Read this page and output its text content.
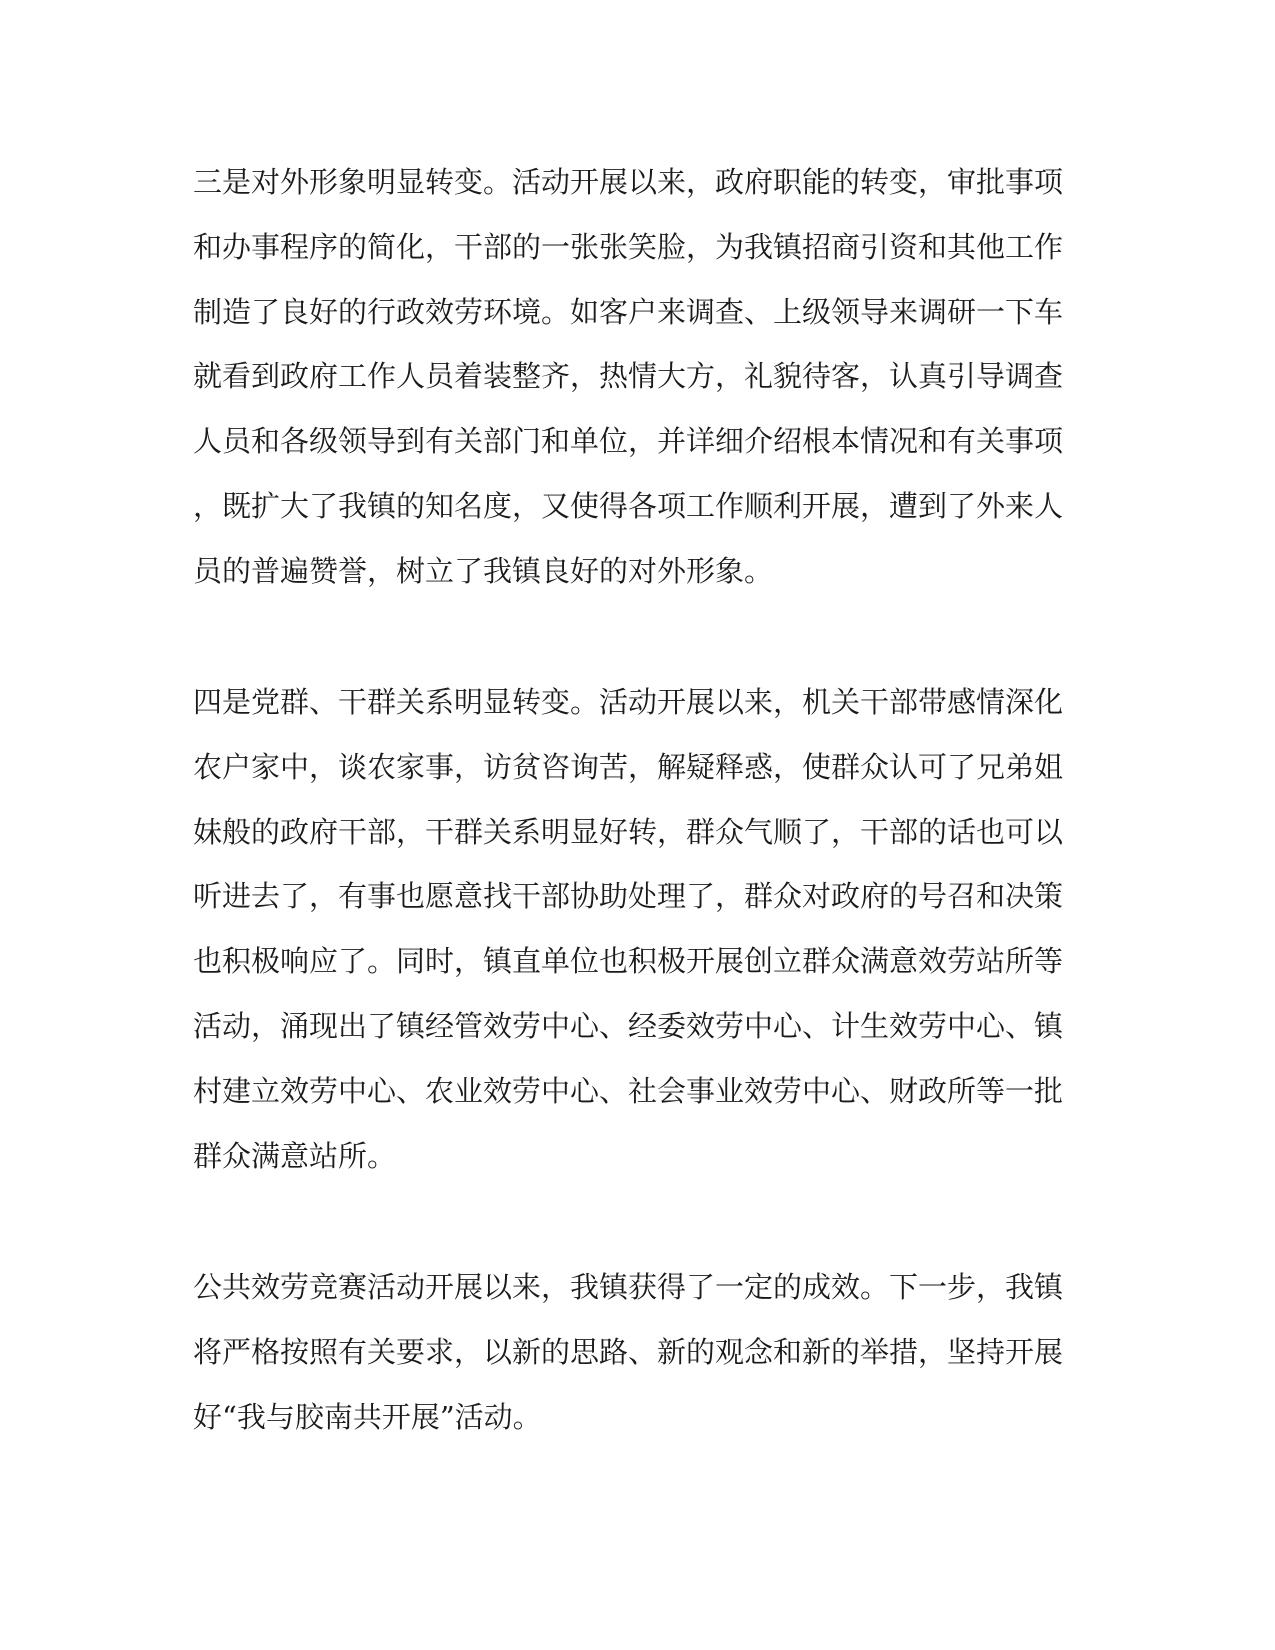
三是对外形象明显转变。活动开展以来，政府职能的转变，审批事项
和办事程序的简化，干部的一张张笑脸，为我镇招商引资和其他工作
制造了良好的行政效劳环境。如客户来调查、上级领导来调研一下车
就看到政府工作人员着装整齐，热情大方，礼貌待客，认真引导调查
人员和各级领导到有关部门和单位，并详细介绍根本情况和有关事项
，既扩大了我镇的知名度，又使得各项工作顺利开展，遭到了外来人
员的普遍赞誉，树立了我镇良好的对外形象。
四是党群、干群关系明显转变。活动开展以来，机关干部带感情深化
农户家中，谈农家事，访贫咨询苦，解疑释惑，使群众认可了兄弟姐
妹般的政府干部，干群关系明显好转，群众气顺了，干部的话也可以
听进去了，有事也愿意找干部协助处理了，群众对政府的号召和决策
也积极响应了。同时，镇直单位也积极开展创立群众满意效劳站所等
活动，涌现出了镇经管效劳中心、经委效劳中心、计生效劳中心、镇
村建立效劳中心、农业效劳中心、社会事业效劳中心、财政所等一批
群众满意站所。
公共效劳竞赛活动开展以来，我镇获得了一定的成效。下一步，我镇
将严格按照有关要求，以新的思路、新的观念和新的举措，坚持开展
好“我与胶南共开展”活动。
